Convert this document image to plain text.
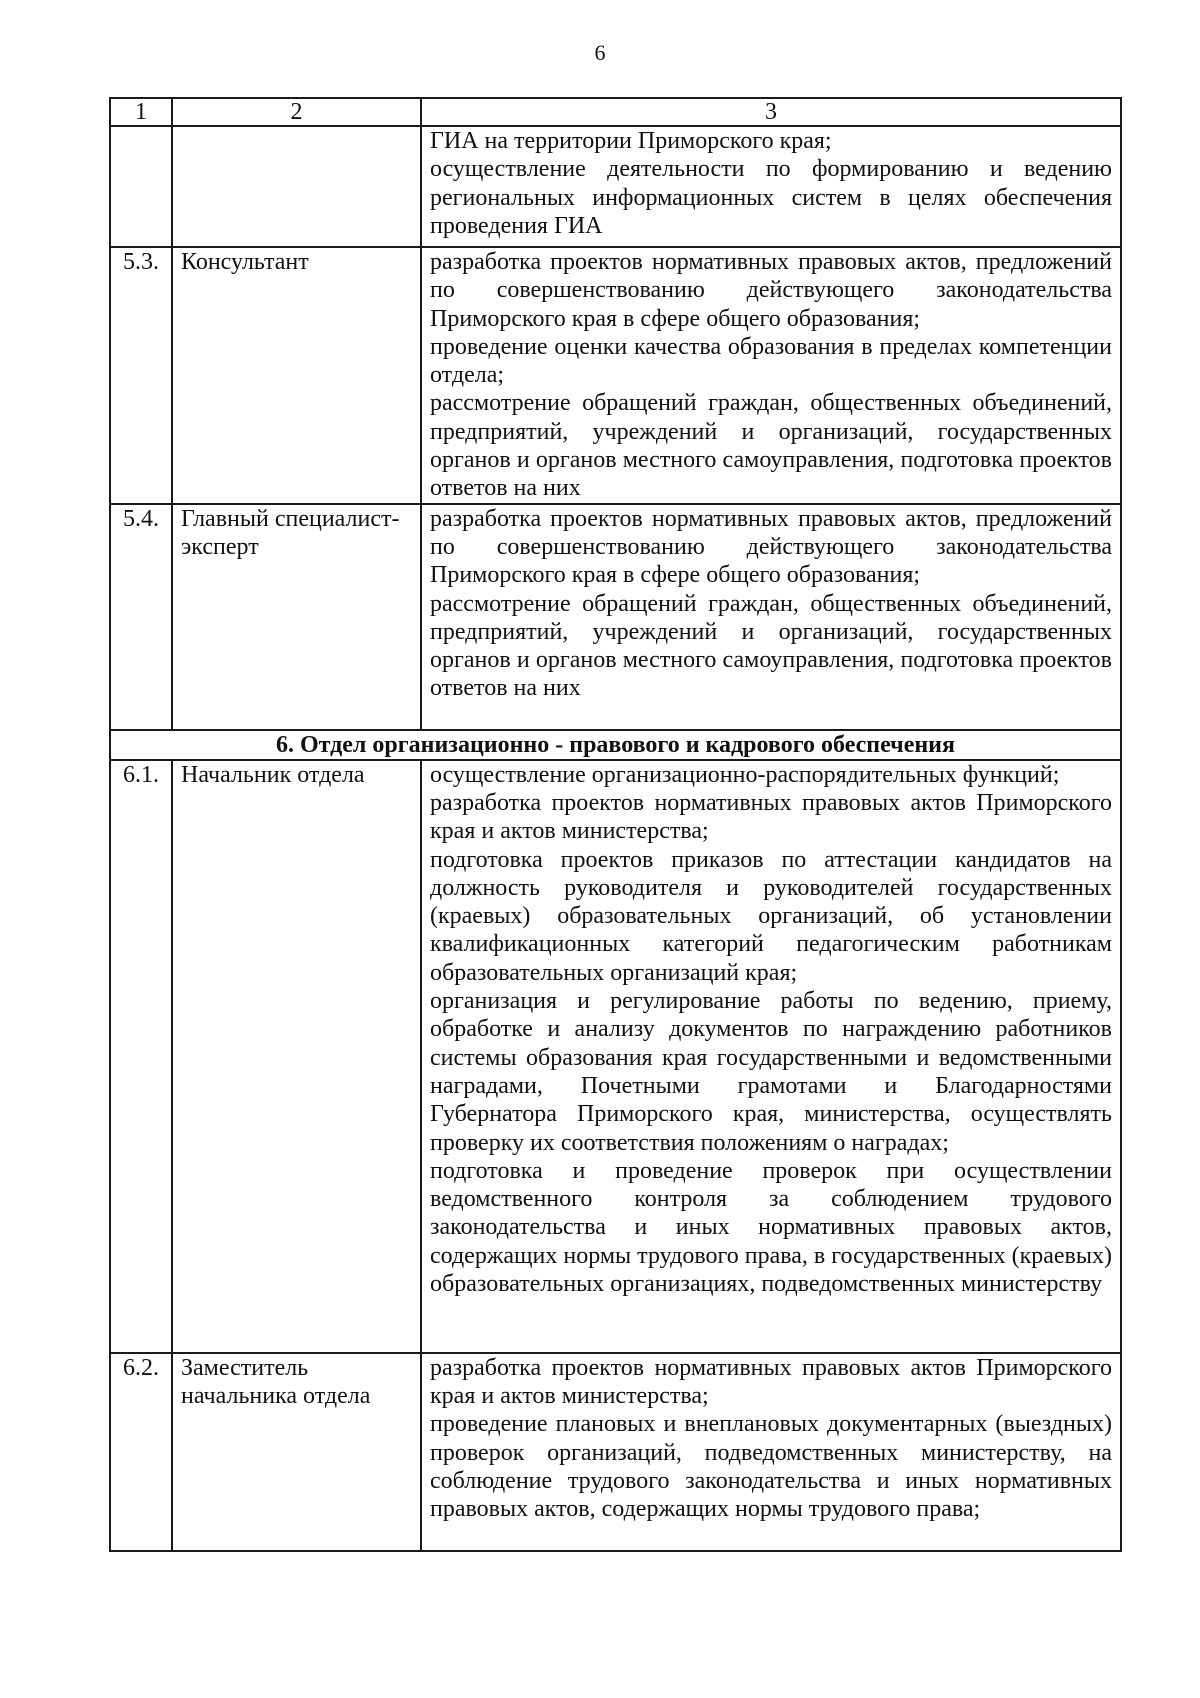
6
1	2	3

		ГИА на территории Приморского края;

осуществление деятельности по формированию и ведению региональных информационных систем в целях обеспечения проведения ГИА

5.3.	Консультант	разработка проектов нормативных правовых актов, предложений по совершенствованию действующего законодательства Приморского края в сфере общего образования;

проведение оценки качества образования в пределах компетенции отдела;

рассмотрение обращений граждан, общественных объединений, предприятий, учреждений и организаций, государственных органов и органов местного самоуправления, подготовка проектов ответов на них

5.4.	Главный специалист-эксперт	разработка проектов нормативных правовых актов, предложений по совершенствованию действующего законодательства Приморского края в сфере общего образования;

рассмотрение обращений граждан, общественных объединений, предприятий, учреждений и организаций, государственных органов и органов местного самоуправления, подготовка проектов ответов на них

6. Отдел организационно - правового и кадрового обеспечения		
6.1.	Начальник отдела	осуществление организационно-распорядительных функций;

разработка проектов нормативных правовых актов Приморского края и актов министерства;

подготовка проектов приказов по аттестации кандидатов на должность руководителя и руководителей государственных (краевых) образовательных организаций, об установлении квалификационных категорий педагогическим работникам образовательных организаций края;

организация и регулирование работы по ведению, приему, обработке и анализу документов по награждению работников системы образования края государственными и ведомственными наградами, Почетными грамотами и Благодарностями Губернатора Приморского края, министерства, осуществлять проверку их соответствия положениям о наградах;

подготовка и проведение проверок при осуществлении ведомственного контроля за соблюдением трудового законодательства и иных нормативных правовых актов, содержащих нормы трудового права, в государственных (краевых) образовательных организациях, подведомственных министерству

6.2.	Заместитель начальника отдела	разработка проектов нормативных правовых актов Приморского края и актов министерства;

проведение плановых и внеплановых документарных (выездных) проверок организаций, подведомственных министерству, на соблюдение трудового законодательства и иных нормативных правовых актов, содержащих нормы трудового права;
